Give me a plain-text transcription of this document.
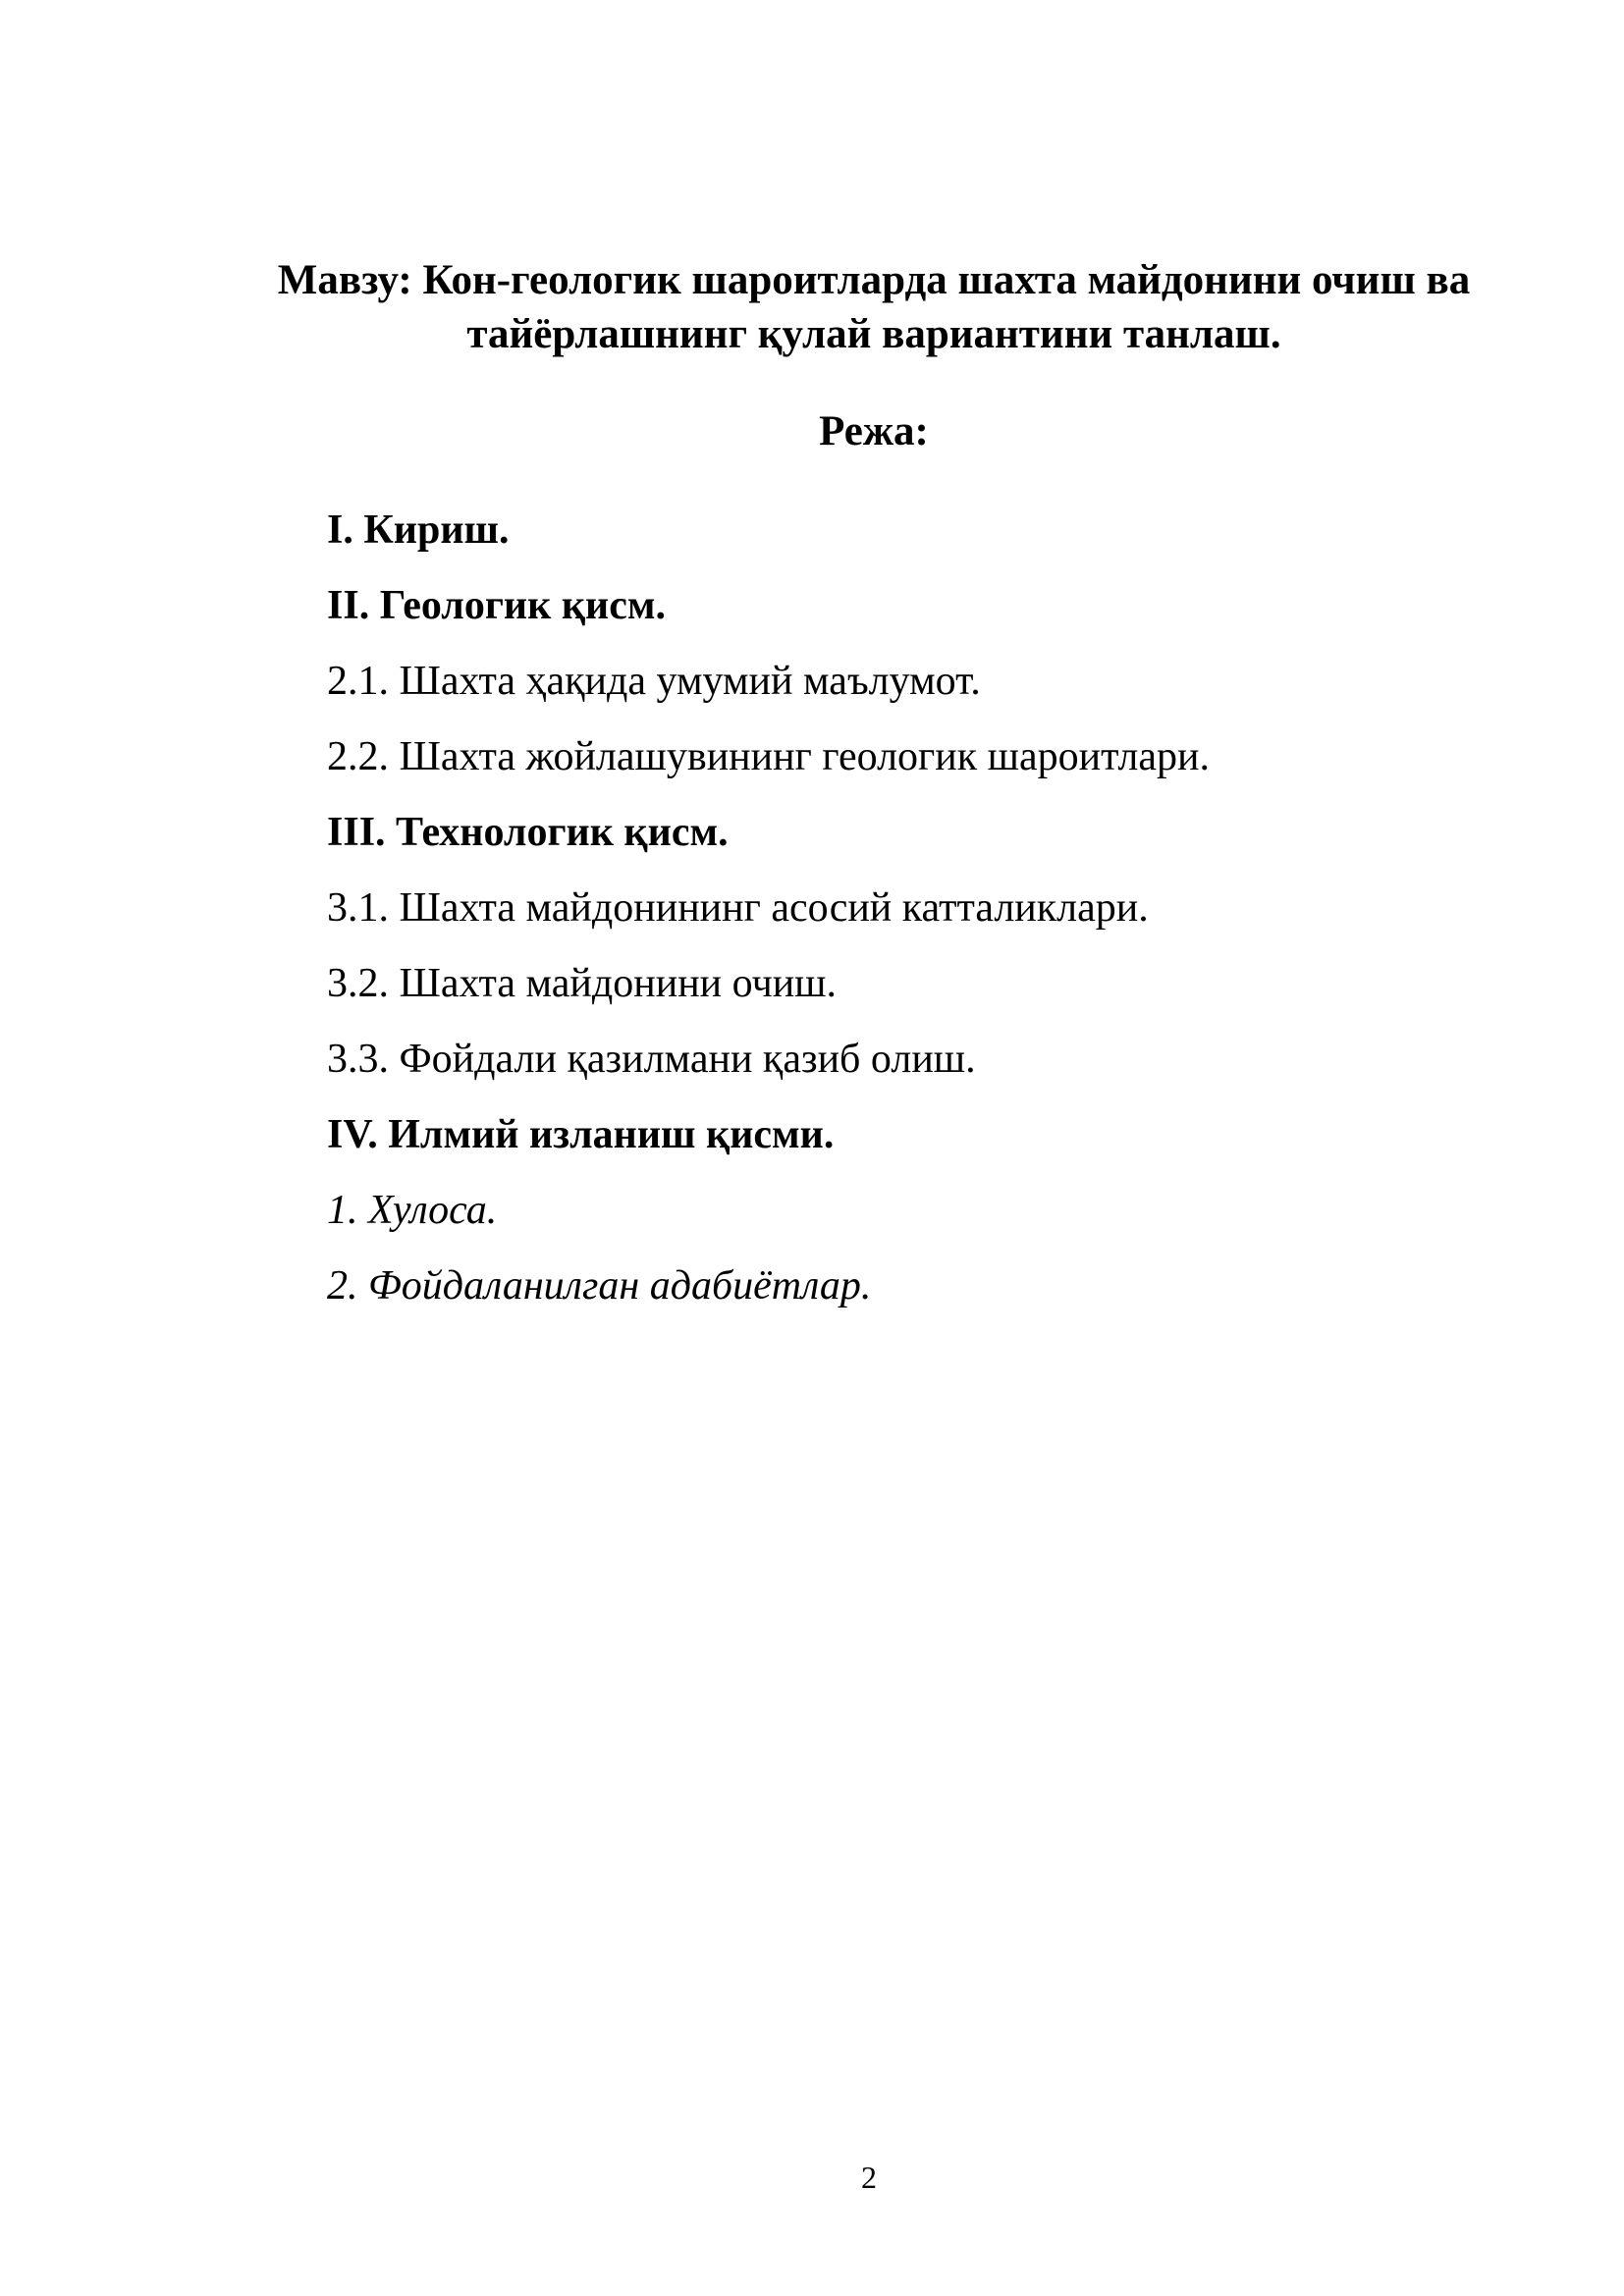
Мавзу: Кон-геологик шароитларда шахта майдонини очиш ва
тайёрлашнинг қулай вариантини танлаш.
Режа:
I. Кириш.
II. Геологик қисм.
2.1. Шахта ҳақида умумий маълумот.
2.2. Шахта жойлашувининг геологик шароитлари.
III. Технологик қисм.
3.1. Шахта майдонининг асосий катталиклари.
3.2. Шахта майдонини очиш.
3.3. Фойдали қазилмани қазиб олиш.
IV. Илмий изланиш қисми.
1. Хулоса.
2. Фойдаланилган адабиётлар.
2
